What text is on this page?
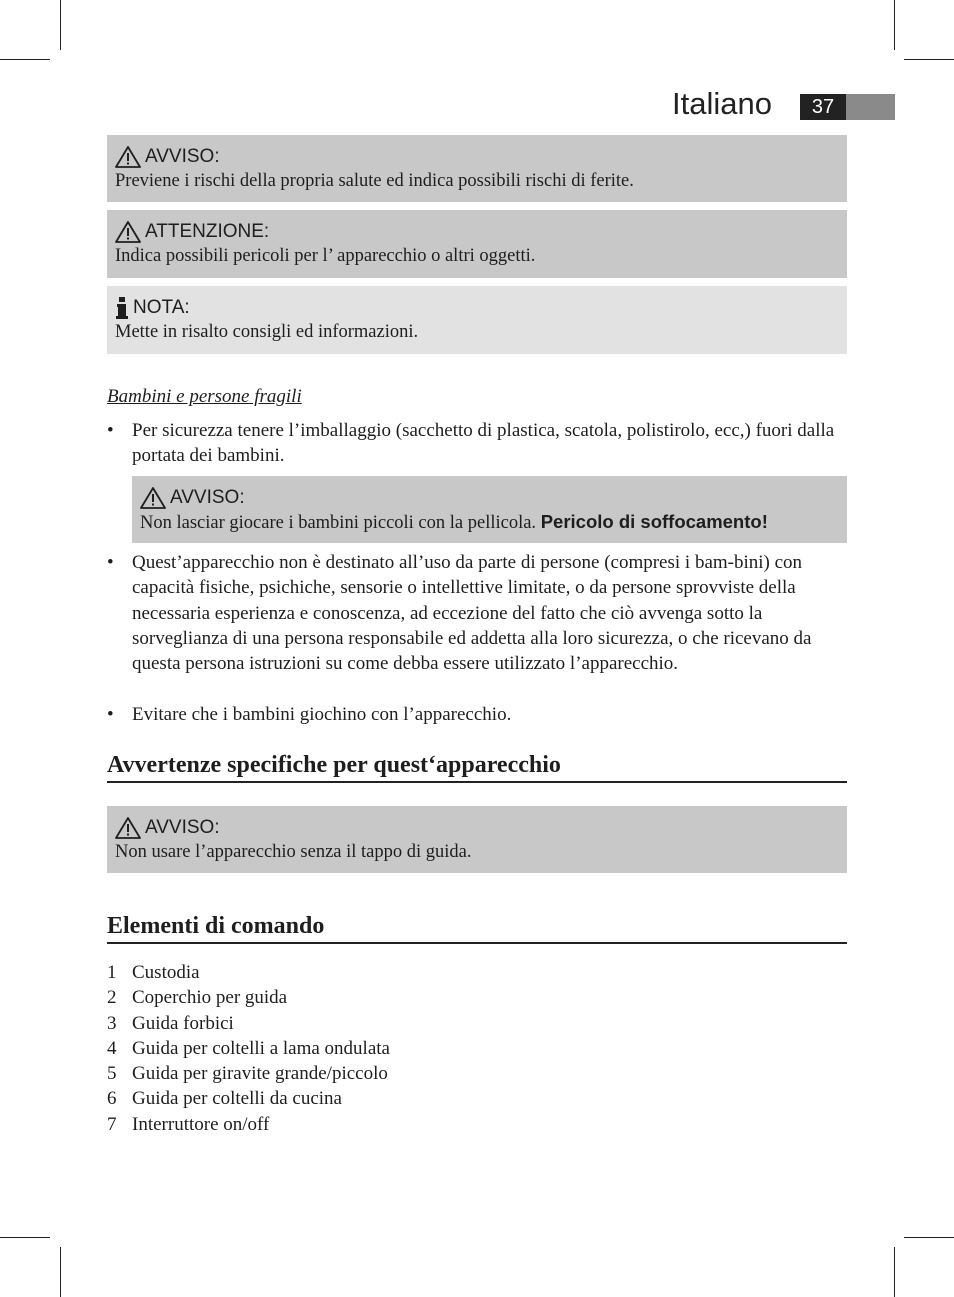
Italiano	37
AVVISO:
Previene i rischi della propria salute ed indica possibili rischi di ferite.
ATTENZIONE:
Indica possibili pericoli per l’ apparecchio o altri oggetti.
NOTA:
Mette in risalto consigli ed informazioni.
Bambini e persone fragili
• Per sicurezza tenere l’imballaggio (sacchetto di plastica, scatola, polistirolo, ecc,) fuori dalla portata dei bambini.
AVVISO:
Non lasciar giocare i bambini piccoli con la pellicola. Pericolo di soffocamento!
• Quest’apparecchio non è destinato all’uso da parte di persone (compresi i bam-bini) con capacità fisiche, psichiche, sensorie o intellettive limitate, o da persone sprovviste della necessaria esperienza e conoscenza, ad eccezione del fatto che ciò avvenga sotto la sorveglianza di una persona responsabile ed addetta alla loro sicurezza, o che ricevano da questa persona istruzioni su come debba essere utilizzato l’apparecchio.
• Evitare che i bambini giochino con l’apparecchio.
Avvertenze specifiche per quest‘apparecchio
AVVISO:
Non usare l’apparecchio senza il tappo di guida.
Elementi di comando
1 Custodia
2 Coperchio per guida
3 Guida forbici
4 Guida per coltelli a lama ondulata
5 Guida per giravite grande/piccolo
6 Guida per coltelli da cucina
7 Interruttore on/off
